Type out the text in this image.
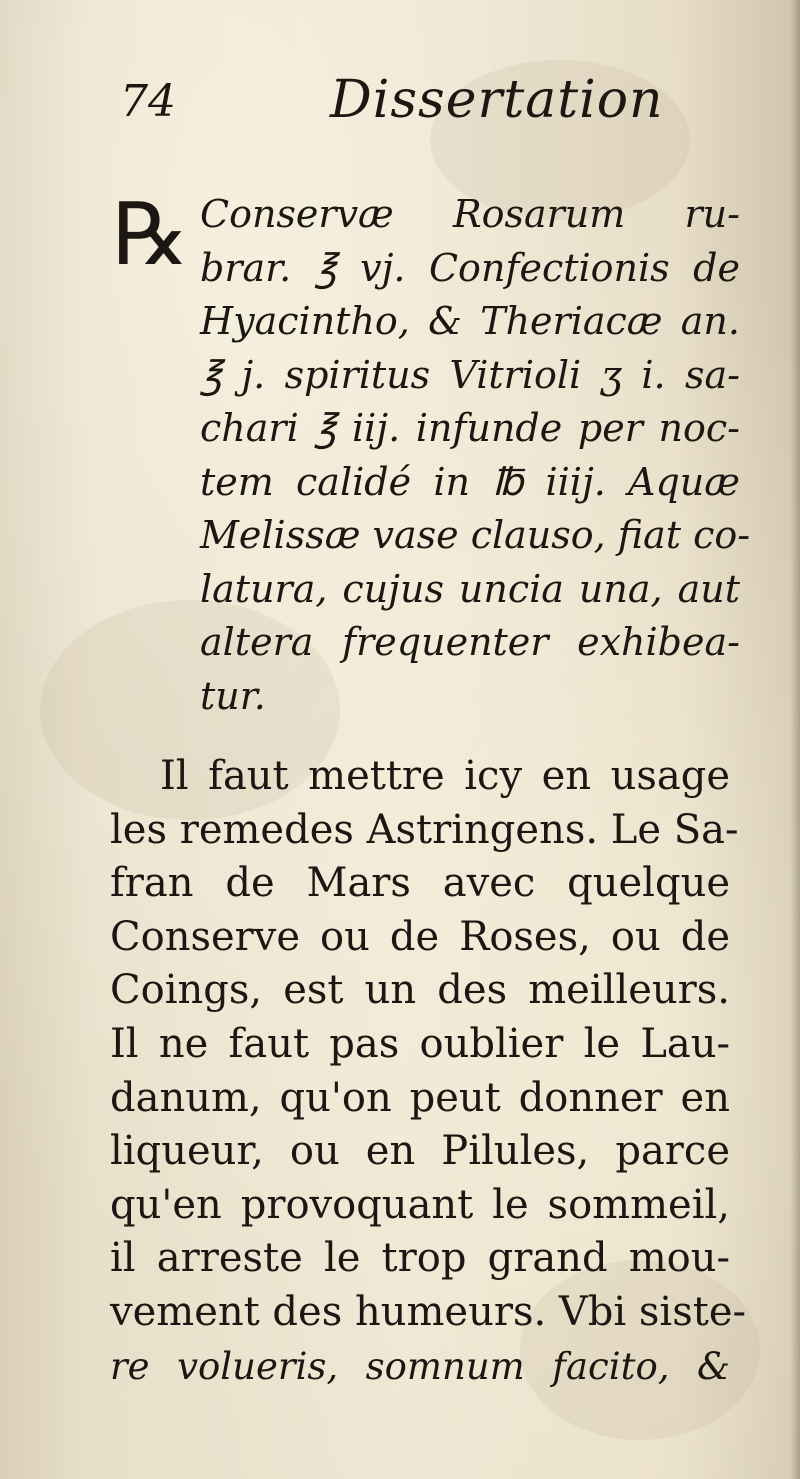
74	Dissertation
℞ Conservæ Rosarum ru-
brar. ℥ vj. Confectionis de
Hyacintho, & Theriacæ an.
℥ j. spiritus Vitrioli ʒ i. sa-
chari ℥ iij. infunde per noc-
tem calidé in ℔ iiij. Aquæ
Melissæ vase clauso, fiat co-
latura, cujus uncia una, aut
altera frequenter exhibea-
tur.
Il faut mettre icy en usage
les remedes Astringens. Le Sa-
fran de Mars avec quelque
Conserve ou de Roses, ou de
Coings, est un des meilleurs.
Il ne faut pas oublier le Lau-
danum, qu'on peut donner en
liqueur, ou en Pilules, parce
qu'en provoquant le sommeil,
il arreste le trop grand mou-
vement des humeurs. Vbi siste-
re volueris, somnum facito, &
